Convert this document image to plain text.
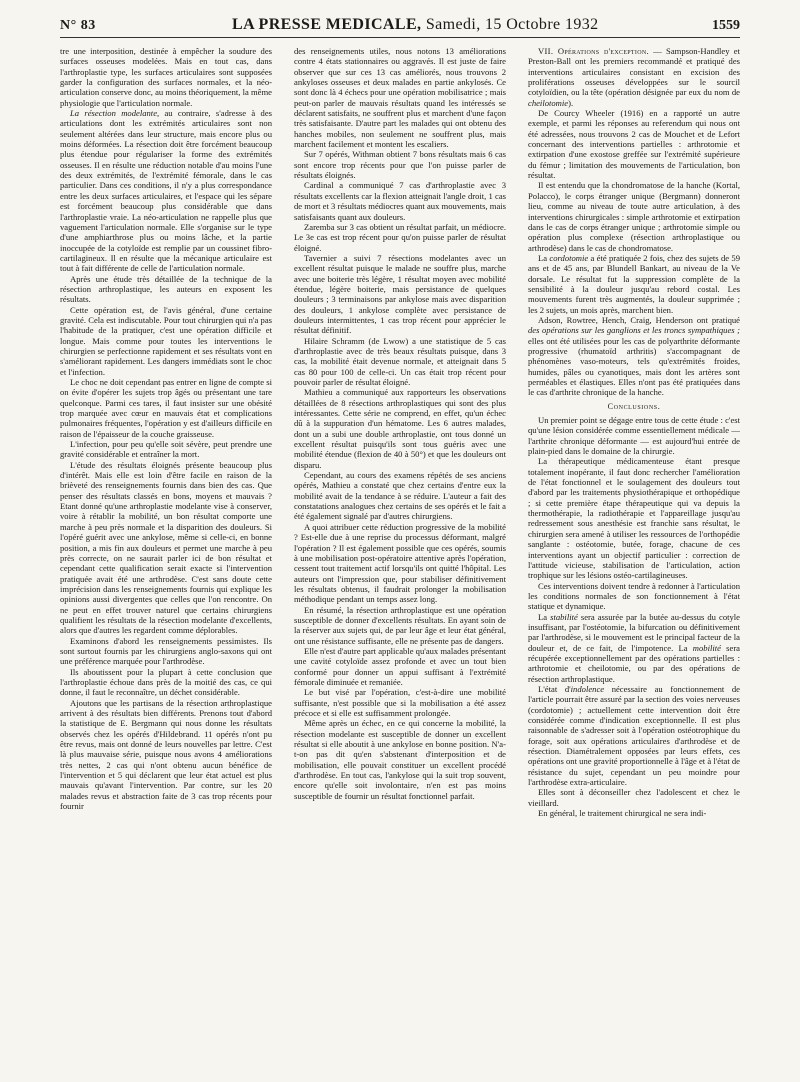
N° 83	LA PRESSE MEDICALE, Samedi, 15 Octobre 1932	1559

tre une interposition, destinée à empêcher la soudure des surfaces osseuses modelées. Mais en tout cas, dans l'arthroplastie type, les surfaces articulaires sont supposées garder la configuration des surfaces normales, et la néo-articulation conserve donc, au moins théoriquement, la même physiologie que l'articulation normale.

La résection modelante, au contraire, s'adresse à des articulations dont les extrémités articulaires sont non seulement altérées dans leur structure, mais encore plus ou moins déformées. La résection doit être forcément beaucoup plus étendue pour régulariser la forme des extrémités osseuses. Il en résulte une réduction notable d'au moins l'une des deux extrémités, de l'extrémité fémorale, dans le cas particulier. Dans ces conditions, il n'y a plus correspondance entre les deux surfaces articulaires, et l'espace qui les sépare est forcément beaucoup plus considérable que dans l'arthroplastie vraie. La néo-articulation ne rappelle plus que vaguement l'articulation normale. Elle s'organise sur le type d'une amphiarthrose plus ou moins lâche, et la partie inoccupée de la cotyloïde est remplie par un coussinet fibro-cartilagineux. Il en résulte que la mécanique articulaire est tout à fait différente de celle de l'articulation normale.

Après une étude très détaillée de la technique de la résection arthroplastique, les auteurs en exposent les résultats.

Cette opération est, de l'avis général, d'une certaine gravité. Cela est indiscutable. Pour tout chirurgien qui n'a pas l'habitude de la pratiquer, c'est une opération difficile et longue. Mais comme pour toutes les interventions le chirurgien se perfectionne rapidement et ses résultats vont en s'améliorant rapidement. Les dangers immédiats sont le choc et l'infection.

Le choc ne doit cependant pas entrer en ligne de compte si on évite d'opérer les sujets trop âgés ou présentant une tare quelconque. Parmi ces tares, il faut insister sur une obésité trop marquée avec cœur en mauvais état et complications pulmonaires fréquentes, l'opération y est d'ailleurs difficile en raison de l'épaisseur de la couche graisseuse.

L'infection, pour peu qu'elle soit sévère, peut prendre une gravité considérable et entraîner la mort.

L'étude des résultats éloignés présente beaucoup plus d'intérêt. Mais elle est loin d'être facile en raison de la brièveté des renseignements fournis dans bien des cas. Que penser des résultats classés en bons, moyens et mauvais ? Etant donné qu'une arthroplastie modelante vise à conserver, voire à rétablir la mobilité, un bon résultat comporte une marche à peu près normale et la disparition des douleurs. Si l'opéré guérit avec une ankylose, même si celle-ci, en bonne position, a mis fin aux douleurs et permet une marche à peu près correcte, on ne saurait parler ici de bon résultat et cependant cette qualification serait exacte si l'intervention pratiquée avait été une arthrodèse. C'est sans doute cette imprécision dans les renseignements fournis qui explique les opinions aussi divergentes que celles que l'on rencontre. On ne peut en effet trouver naturel que certains chirurgiens qualifient les résultats de la résection modelante d'excellents, alors que d'autres les regardent comme déplorables.

Examinons d'abord les renseignements pessimistes. Ils sont surtout fournis par les chirurgiens anglo-saxons qui ont une préférence marquée pour l'arthrodèse.

Ils aboutissent pour la plupart à cette conclusion que l'arthroplastie échoue dans près de la moitié des cas, ce qui donne, il faut le reconnaître, un déchet considérable.

Ajoutons que les partisans de la résection arthroplastique arrivent à des résultats bien différents. Prenons tout d'abord la statistique de E. Bergmann qui nous donne les résultats observés chez les opérés d'Hildebrand. 11 opérés n'ont pu être revus, mais ont donné de leurs nouvelles par lettre. C'est là plus mauvaise série, puisque nous avons 4 améliorations très nettes, 2 cas qui n'ont obtenu aucun bénéfice de l'intervention et 5 qui déclarent que leur état actuel est plus mauvais qu'avant l'intervention. Par contre, sur les 20 malades revus et abstraction faite de 3 cas trop récents pour fournir

des renseignements utiles, nous notons 13 améliorations contre 4 états stationnaires ou aggravés. Il est juste de faire observer que sur ces 13 cas améliorés, nous trouvons 2 ankyloses osseuses et deux malades en partie ankylosés. Ce sont donc là 4 échecs pour une opération mobilisatrice ; mais peut-on parler de mauvais résultats quand les intéressés se déclarent satisfaits, ne souffrent plus et marchent d'une façon très satisfaisante. D'autre part les malades qui ont obtenu des hanches mobiles, non seulement ne souffrent plus, mais marchent facilement et montent les escaliers.

Sur 7 opérés, Withman obtient 7 bons résultats mais 6 cas sont encore trop récents pour que l'on puisse parler de résultats éloignés.

Cardinal a communiqué 7 cas d'arthroplastie avec 3 résultats excellents car la flexion atteignait l'angle droit, 1 cas de mort et 3 résultats médiocres quant aux mouvements, mais satisfaisants quant aux douleurs.

Zaremba sur 3 cas obtient un résultat parfait, un médiocre. Le 3e cas est trop récent pour qu'on puisse parler de résultat éloigné.

Tavernier a suivi 7 résections modelantes avec un excellent résultat puisque le malade ne souffre plus, marche avec une boiterie très légère, 1 résultat moyen avec mobilité étendue, légère boiterie, mais persistance de quelques douleurs ; 3 terminaisons par ankylose mais avec disparition des douleurs, 1 ankylose complète avec persistance de douleurs intermittentes, 1 cas trop récent pour apprécier le résultat définitif.

Hilaire Schramm (de Lwow) a une statistique de 5 cas d'arthroplastie avec de très beaux résultats puisque, dans 3 cas, la mobilité était devenue normale, et atteignait dans 5 cas 80 pour 100 de celle-ci. Un cas était trop récent pour pouvoir parler de résultat éloigné.

Mathieu a communiqué aux rapporteurs les observations détaillées de 8 résections arthroplastiques qui sont des plus intéressantes. Cette série ne comprend, en effet, qu'un échec dû à la suppuration d'un hématome. Les 6 autres malades, dont un a subi une double arthroplastie, ont tous donné un excellent résultat puisqu'ils sont tous guéris avec une mobilité étendue (flexion de 40 à 50°) et que les douleurs ont disparu.

Cependant, au cours des examens répétés de ses anciens opérés, Mathieu a constaté que chez certains d'entre eux la mobilité avait de la tendance à se réduire. L'auteur a fait des constatations analogues chez certains de ses opérés et le fait a été également signalé par d'autres chirurgiens.

A quoi attribuer cette réduction progressive de la mobilité ? Est-elle due à une reprise du processus déformant, malgré l'opération ? Il est également possible que ces opérés, soumis à une mobilisation post-opératoire attentive après l'opération, cessent tout traitement actif lorsqu'ils ont quitté l'hôpital. Les auteurs ont l'impression que, pour stabiliser définitivement les résultats obtenus, il faudrait prolonger la mobilisation méthodique pendant un temps assez long.

En résumé, la résection arthroplastique est une opération susceptible de donner d'excellents résultats. En ayant soin de la réserver aux sujets qui, de par leur âge et leur état général, ont une résistance suffisante, elle ne présente pas de dangers.

Elle n'est d'autre part applicable qu'aux malades présentant une cavité cotyloïde assez profonde et avec un tout bien conformé pour donner un appui suffisant à l'extrémité fémorale diminuée et remaniée.

Le but visé par l'opération, c'est-à-dire une mobilité suffisante, n'est possible que si la mobilisation a été assez précoce et si elle est suffisamment prolongée.

Même après un échec, en ce qui concerne la mobilité, la résection modelante est susceptible de donner un excellent résultat si elle aboutit à une ankylose en bonne position. N'a-t-on pas dit qu'en s'abstenant d'interposition et de mobilisation, elle pouvait constituer un excellent procédé d'arthrodèse. En tout cas, l'ankylose qui la suit trop souvent, encore qu'elle soit involontaire, n'en est pas moins susceptible de fournir un résultat fonctionnel parfait.

VII. Opérations d'exception. — Sampson-Handley et Preston-Ball ont les premiers recommandé et pratiqué des interventions articulaires consistant en excision des proliférations osseuses développées sur le sourcil cotyloïdien, ou la tête (opération désignée par eux du nom de cheilotomie).

De Courcy Wheeler (1916) en a rapporté un autre exemple, et parmi les réponses au referendum qui nous ont été adressées, nous trouvons 2 cas de Mouchet et de Lefort concernant des interventions partielles : arthrotomie et extirpation d'une exostose greffée sur l'extrémité supérieure du fémur ; limitation des mouvements de l'articulation, bon résultat.

Il est entendu que la chondromatose de la hanche (Kortal, Polacco), le corps étranger unique (Bergmann) donneront lieu, comme au niveau de toute autre articulation, à des interventions chirurgicales : simple arthrotomie et extirpation dans le cas de corps étranger unique ; arthrotomie simple ou opération plus complexe (résection arthroplastique ou arthrodèse) dans le cas de chondromatose.

La cordotomie a été pratiquée 2 fois, chez des sujets de 59 ans et de 45 ans, par Blundell Bankart, au niveau de la Ve dorsale. Le résultat fut la suppression complète de la sensibilité à la douleur jusqu'au rebord costal. Les mouvements furent très augmentés, la douleur supprimée ; les 2 sujets, un mois après, marchent bien.

Adson, Rowtree, Hench, Craig, Henderson ont pratiqué des opérations sur les ganglions et les troncs sympathiques ; elles ont été utilisées pour les cas de polyarthrite déformante progressive (rhumatoïd arthritis) s'accompagnant de phénomènes vaso-moteurs, tels qu'extrémités froides, humides, pâles ou cyanotiques, mais dont les artères sont perméables et élastiques. Elles n'ont pas été pratiquées dans le cas d'arthrite chronique de la hanche.

Conclusions.

Un premier point se dégage entre tous de cette étude : c'est qu'une lésion considérée comme essentiellement médicale — l'arthrite chronique déformante — est aujourd'hui entrée de plain-pied dans le domaine de la chirurgie.

La thérapeutique médicamenteuse étant presque totalement inopérante, il faut donc rechercher l'amélioration de l'état fonctionnel et le soulagement des douleurs tout d'abord par les traitements physiothérapique et orthopédique ; si cette première étape thérapeutique qui va depuis la thermothérapie, la radiothérapie et l'appareillage jusqu'au redressement sous anesthésie est franchie sans résultat, le chirurgien sera amené à utiliser les ressources de l'orthopédie sanglante : ostéotomie, butée, forage, chacune de ces interventions ayant un objectif particulier : correction de l'attitude vicieuse, stabilisation de l'articulation, action trophique sur les lésions ostéo-cartilagineuses.

Ces interventions doivent tendre à redonner à l'articulation les conditions normales de son fonctionnement à l'état statique et dynamique.

La stabilité sera assurée par la butée au-dessus du cotyle insuffisant, par l'ostéotomie, la bifurcation ou définitivement par l'arthrodèse, si le mouvement est le principal facteur de la douleur et, de ce fait, de l'impotence. La mobilité sera récupérée exceptionnellement par des opérations partielles : arthrotomie et cheilotomie, ou par des opérations de résection arthroplastique.

L'état d'indolence nécessaire au fonctionnement de l'article pourrait être assuré par la section des voies nerveuses (cordotomie) ; actuellement cette intervention doit être considérée comme d'indication exceptionnelle. Il est plus raisonnable de s'adresser soit à l'opération ostéotrophique du forage, soit aux opérations articulaires d'arthrodèse et de résection. Diamétralement opposées par leurs effets, ces opérations ont une gravité proportionnelle à l'âge et à l'état de résistance du sujet, cependant un peu moindre pour l'arthrodèse extra-articulaire.

Elles sont à déconseiller chez l'adolescent et chez le vieillard.

En général, le traitement chirurgical ne sera indi-
